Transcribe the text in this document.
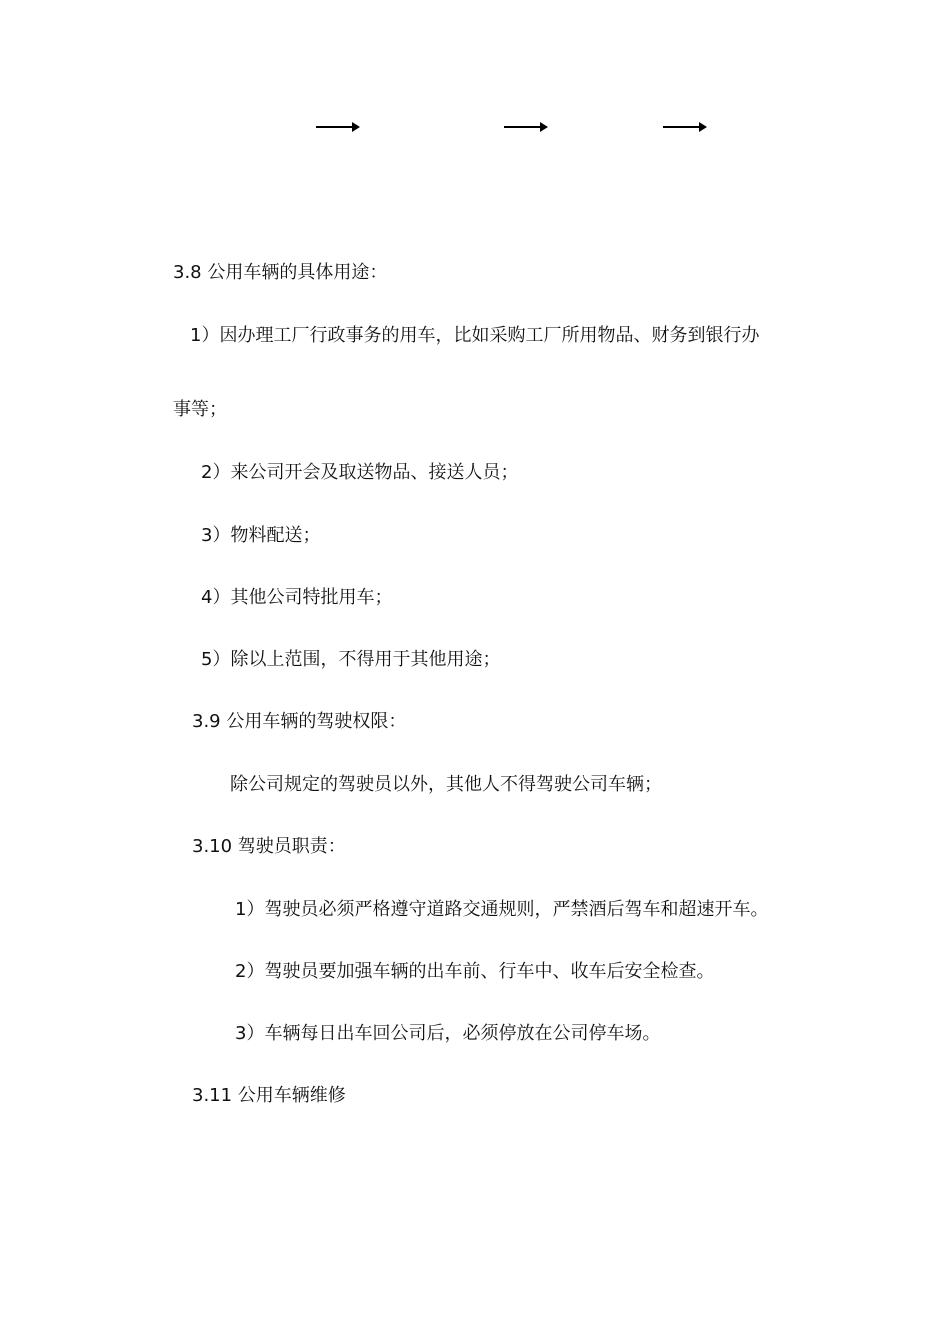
3.8 公用车辆的具体用途：
1）因办理工厂行政事务的用车，比如采购工厂所用物品、财务到银行办
事等；
2）来公司开会及取送物品、接送人员；
3）物料配送；
4）其他公司特批用车；
5）除以上范围，不得用于其他用途；
3.9 公用车辆的驾驶权限：
除公司规定的驾驶员以外，其他人不得驾驶公司车辆；
3.10 驾驶员职责：
1）驾驶员必须严格遵守道路交通规则，严禁酒后驾车和超速开车。
2）驾驶员要加强车辆的出车前、行车中、收车后安全检查。
3）车辆每日出车回公司后，必须停放在公司停车场。
3.11 公用车辆维修
